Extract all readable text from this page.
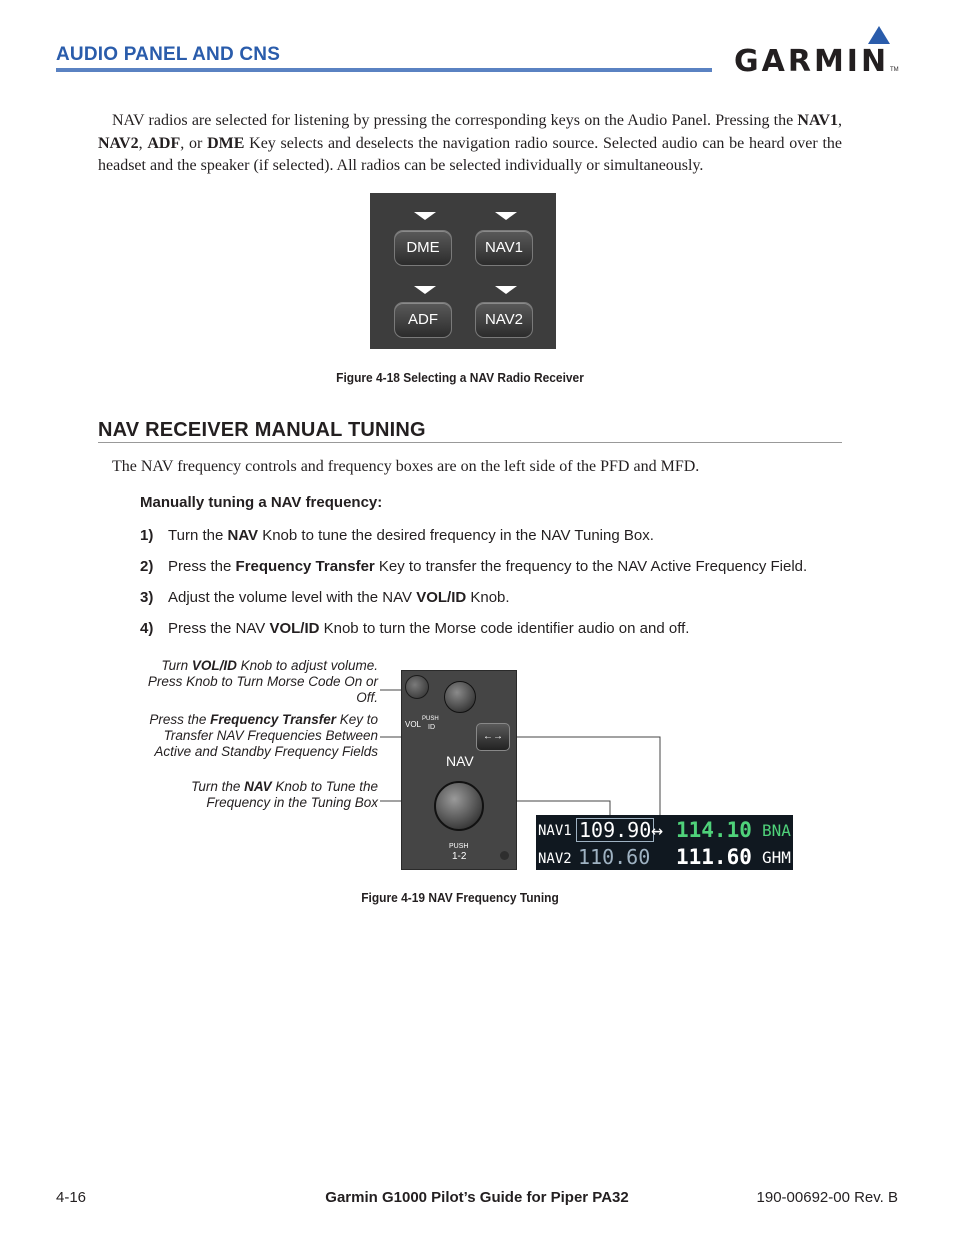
AUDIO PANEL AND CNS	GARMIN TM
NAV radios are selected for listening by pressing the corresponding keys on the Audio Panel. Pressing the NAV1, NAV2, ADF, or DME Key selects and deselects the navigation radio source. Selected audio can be heard over the headset and the speaker (if selected). All radios can be selected individually or simultaneously.
DME	NAV1
ADF	NAV2
Figure 4-18 Selecting a NAV Radio Receiver
NAV RECEIVER MANUAL TUNING
The NAV frequency controls and frequency boxes are on the left side of the PFD and MFD.
Manually tuning a NAV frequency:
1) Turn the NAV Knob to tune the desired frequency in the NAV Tuning Box.
2) Press the Frequency Transfer Key to transfer the frequency to the NAV Active Frequency Field.
3) Adjust the volume level with the NAV VOL/ID Knob.
4) Press the NAV VOL/ID Knob to turn the Morse code identifier audio on and off.
Turn VOL/ID Knob to adjust volume. Press Knob to Turn Morse Code On or Off.
Press the Frequency Transfer Key to Transfer NAV Frequencies Between Active and Standby Frequency Fields
Turn the NAV Knob to Tune the Frequency in the Tuning Box
VOL
PUSH
ID
←→
NAV
PUSH
1-2
NAV1 109.90 ↔ 114.10 BNA
NAV2 110.60 111.60 GHM
Figure 4-19 NAV Frequency Tuning
4-16	Garmin G1000 Pilot’s Guide for Piper PA32	190-00692-00 Rev. B
